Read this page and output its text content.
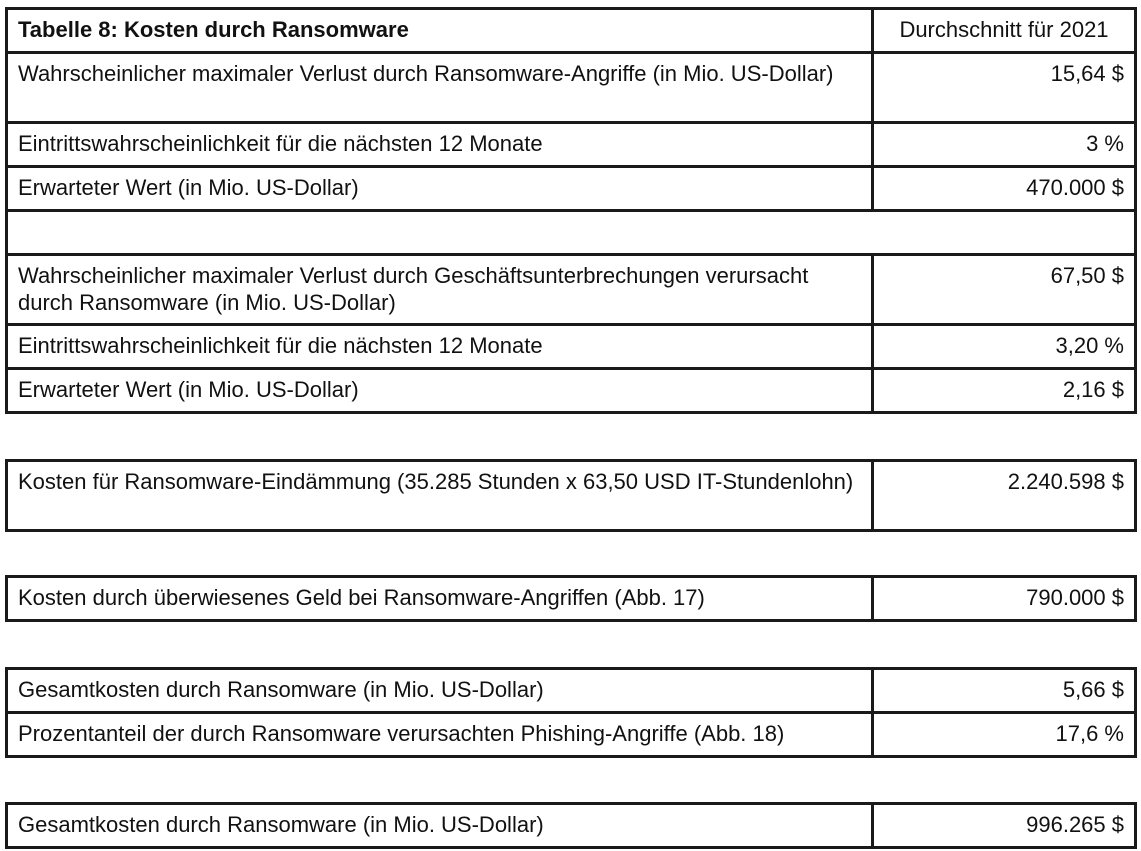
Tabelle 8: Kosten durch Ransomware	Durchschnitt für 2021
Wahrscheinlicher maximaler Verlust durch Ransomware-Angriffe (in Mio. US-Dollar)	15,64 $
Eintrittswahrscheinlichkeit für die nächsten 12 Monate	3 %
Erwarteter Wert (in Mio. US-Dollar)	470.000 $

Wahrscheinlicher maximaler Verlust durch Geschäftsunterbrechungen verursacht durch Ransomware (in Mio. US-Dollar)	67,50 $
Eintrittswahrscheinlichkeit für die nächsten 12 Monate	3,20 %
Erwarteter Wert (in Mio. US-Dollar)	2,16 $
Kosten für Ransomware-Eindämmung (35.285 Stunden x 63,50 USD IT-Stundenlohn)	2.240.598 $
Kosten durch überwiesenes Geld bei Ransomware-Angriffen (Abb. 17)	790.000 $
Gesamtkosten durch Ransomware (in Mio. US-Dollar)	5,66 $
Prozentanteil der durch Ransomware verursachten Phishing-Angriffe (Abb. 18)	17,6 %
Gesamtkosten durch Ransomware (in Mio. US-Dollar)	996.265 $
